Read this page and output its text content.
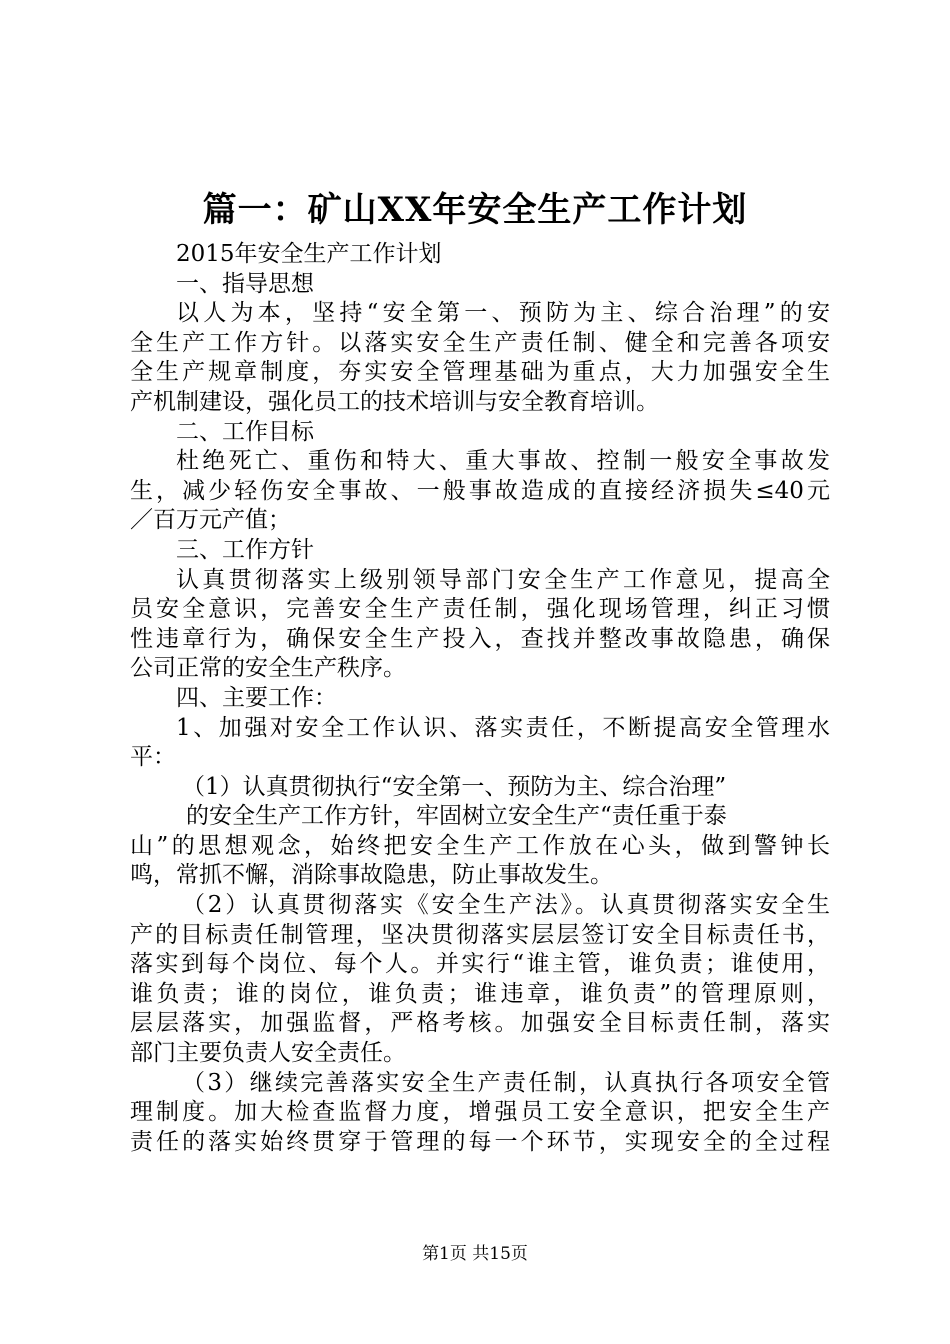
篇一：矿山XX年安全生产工作计划
2015年安全生产工作计划
一、指导思想
以人为本，坚持“安全第一、预防为主、综合治理”的安
全生产工作方针。以落实安全生产责任制、健全和完善各项安
全生产规章制度，夯实安全管理基础为重点，大力加强安全生
产机制建设，强化员工的技术培训与安全教育培训。
二、工作目标
杜绝死亡、重伤和特大、重大事故、控制一般安全事故发
生，减少轻伤安全事故、一般事故造成的直接经济损失≤40元
／百万元产值；
三、工作方针
认真贯彻落实上级别领导部门安全生产工作意见，提高全
员安全意识，完善安全生产责任制，强化现场管理，纠正习惯
性违章行为，确保安全生产投入，查找并整改事故隐患，确保
公司正常的安全生产秩序。
四、主要工作：
1、加强对安全工作认识、落实责任，不断提高安全管理水
平：
（1）认真贯彻执行“安全第一、预防为主、综合治理”
的安全生产工作方针，牢固树立安全生产“责任重于泰
山”的思想观念，始终把安全生产工作放在心头，做到警钟长
鸣，常抓不懈，消除事故隐患，防止事故发生。
（2）认真贯彻落实《安全生产法》。认真贯彻落实安全生
产的目标责任制管理，坚决贯彻落实层层签订安全目标责任书，
落实到每个岗位、每个人。并实行“谁主管，谁负责；谁使用，
谁负责；谁的岗位，谁负责；谁违章，谁负责”的管理原则，
层层落实，加强监督，严格考核。加强安全目标责任制，落实
部门主要负责人安全责任。
（3）继续完善落实安全生产责任制，认真执行各项安全管
理制度。加大检查监督力度，增强员工安全意识，把安全生产
责任的落实始终贯穿于管理的每一个环节，实现安全的全过程
第1页 共15页
